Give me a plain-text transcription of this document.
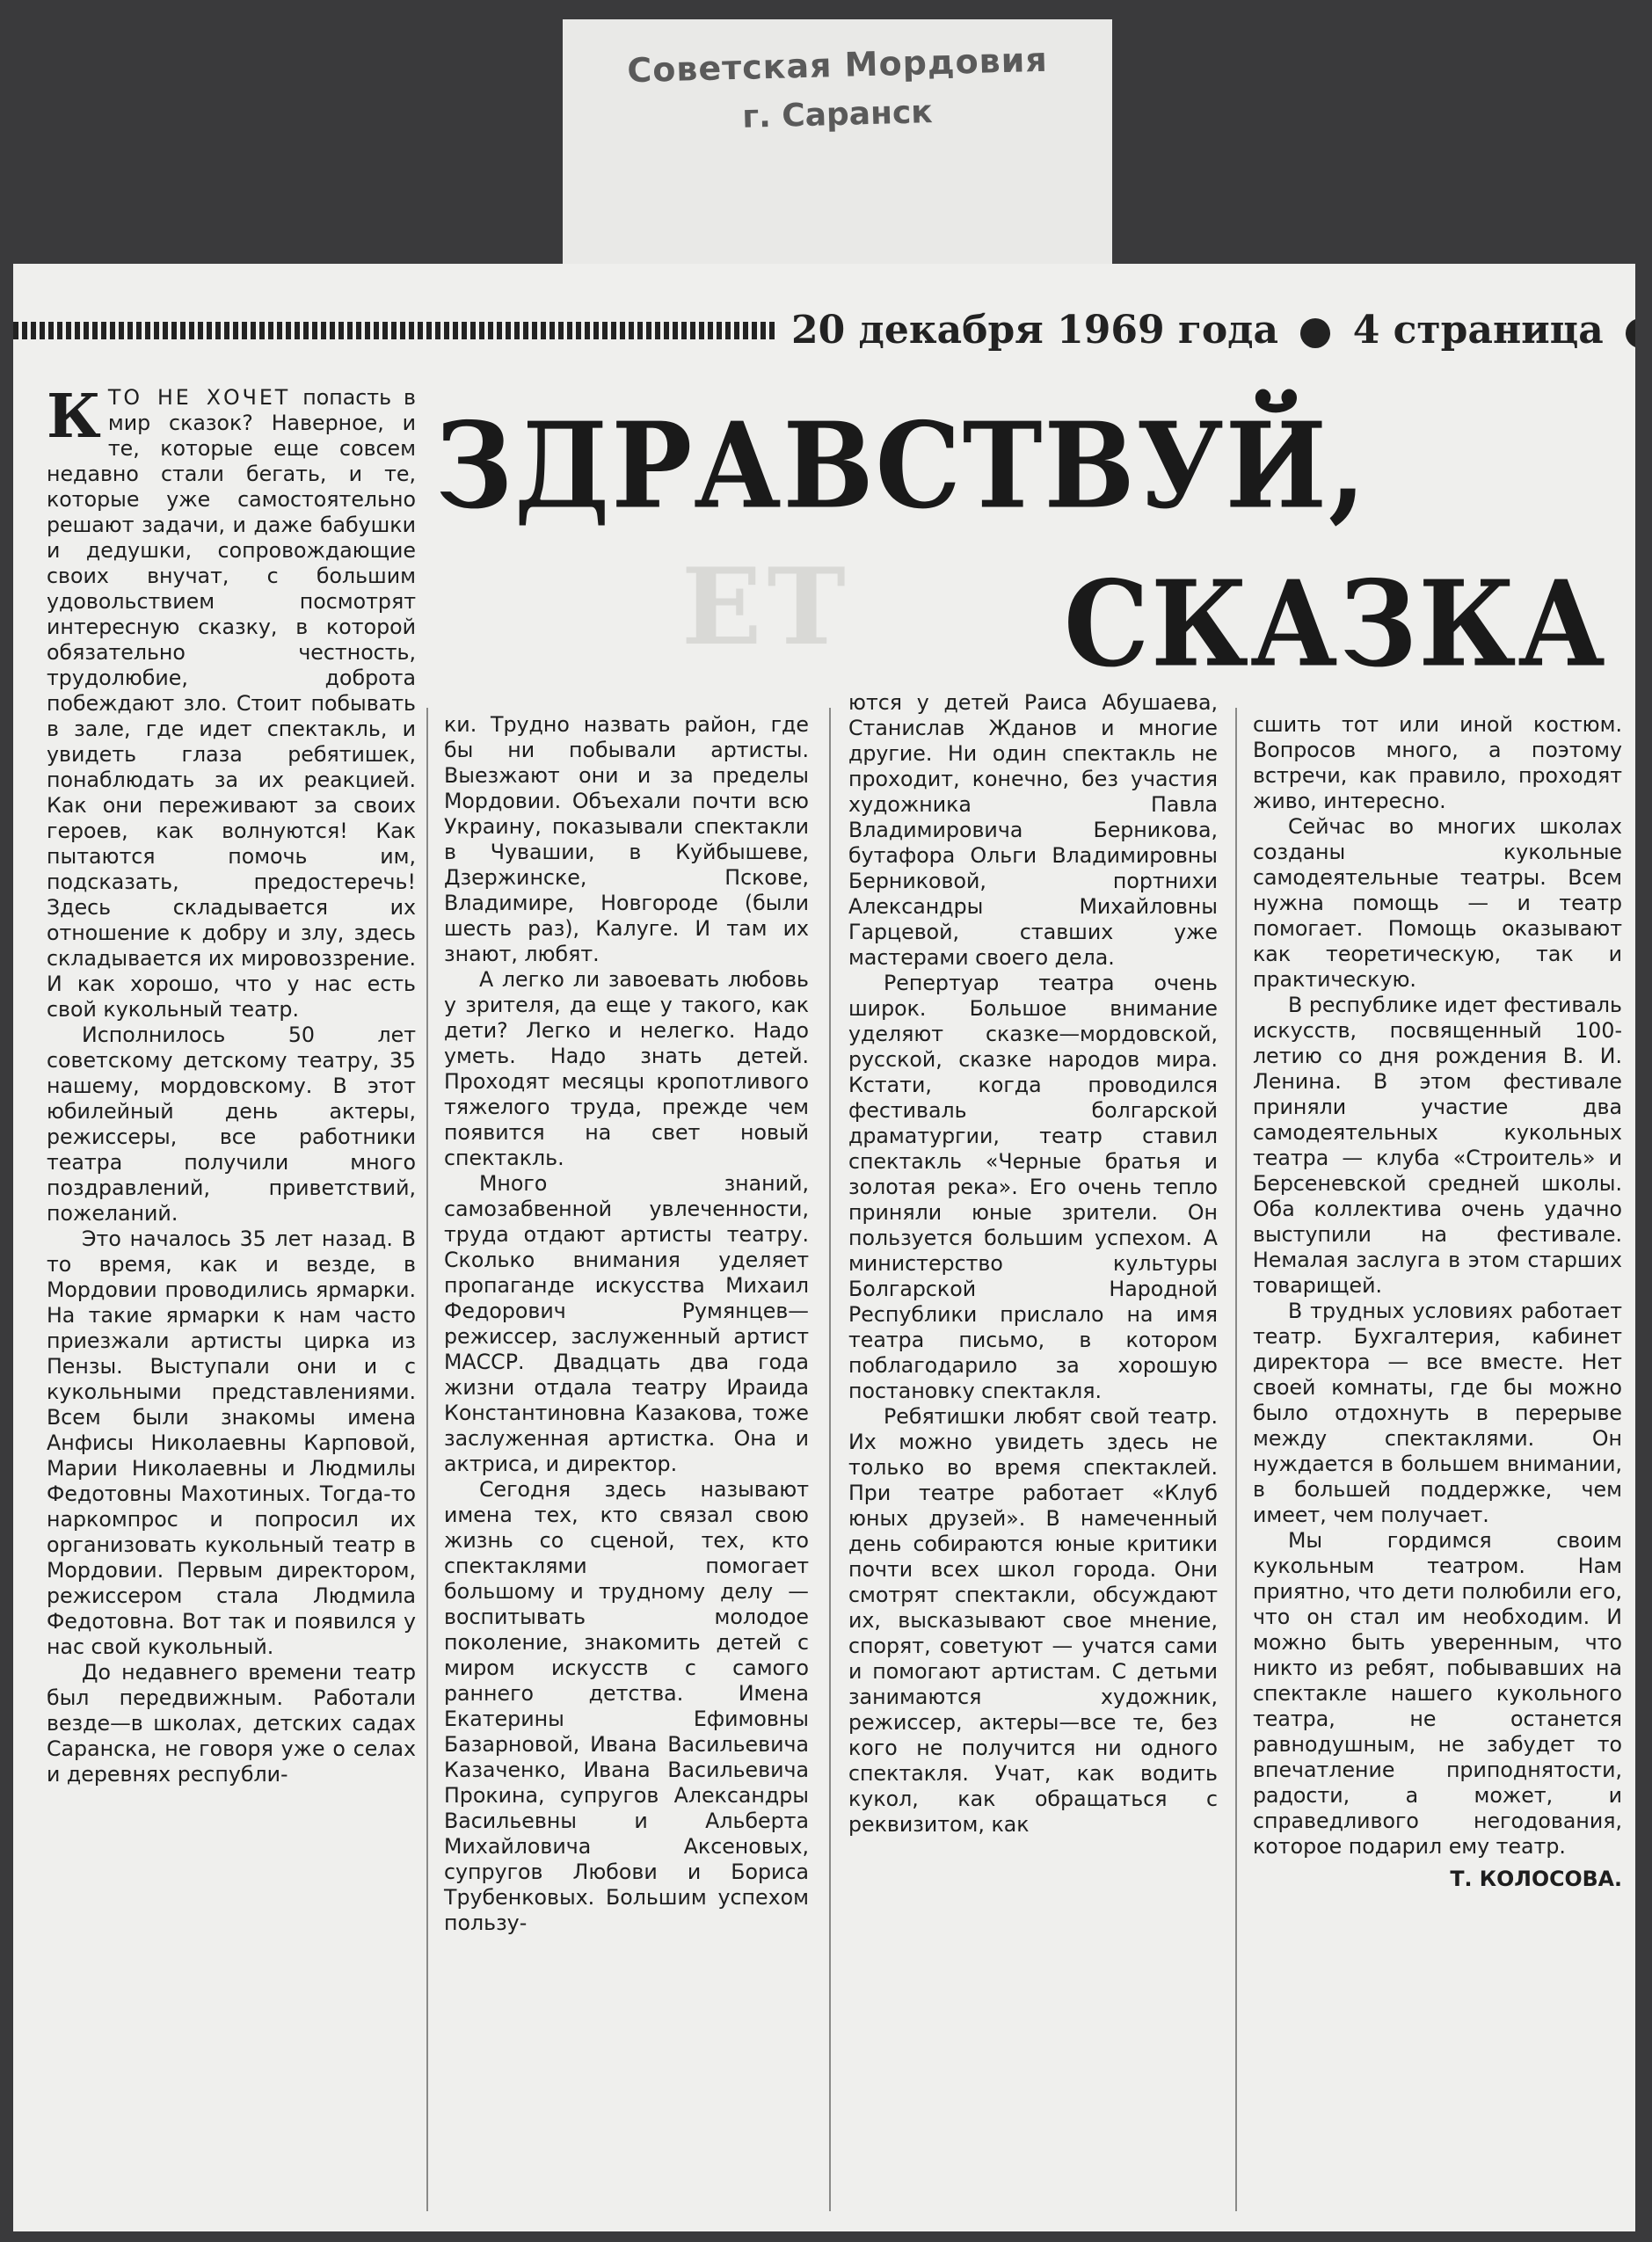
Советская Мордовия
г. Саранск
20 декабря 1969 года 4 страница
ЕТ
ЗДРАВСТВУЙ,
СКАЗКА

КТО НЕ ХОЧЕТ попасть в мир сказок? Наверное, и те, которые еще совсем недавно стали бегать, и те, которые уже самостоятельно решают задачи, и даже бабушки и дедушки, сопровождающие своих внучат, с большим удовольствием посмотрят интересную сказку, в которой обязательно честность, трудолюбие, доброта побеждают зло. Стоит побывать в зале, где идет спектакль, и увидеть глаза ребятишек, понаблюдать за их реакцией. Как они переживают за своих героев, как волнуются! Как пытаются помочь им, подсказать, предостеречь! Здесь складывается их отношение к добру и злу, здесь складывается их мировоззрение. И как хорошо, что у нас есть свой кукольный театр.

Исполнилось 50 лет советскому детскому театру, 35 нашему, мордовскому. В этот юбилейный день актеры, режиссеры, все работники театра получили много поздравлений, приветствий, пожеланий.

Это началось 35 лет назад. В то время, как и везде, в Мордовии проводились ярмарки. На такие ярмарки к нам часто приезжали артисты цирка из Пензы. Выступали они и с кукольными представлениями. Всем были знакомы имена Анфисы Николаевны Карповой, Марии Николаевны и Людмилы Федотовны Махотиных. Тогда-то наркомпрос и попросил их организовать кукольный театр в Мордовии. Первым директором, режиссером стала Людмила Федотовна. Вот так и появился у нас свой кукольный.

До недавнего времени театр был передвижным. Работали везде—в школах, детских садах Саранска, не говоря уже о селах и деревнях республи-

ки. Трудно назвать район, где бы ни побывали артисты. Выезжают они и за пределы Мордовии. Объехали почти всю Украину, показывали спектакли в Чувашии, в Куйбышеве, Дзержинске, Пскове, Владимире, Новгороде (были шесть раз), Калуге. И там их знают, любят.

А легко ли завоевать любовь у зрителя, да еще у такого, как дети? Легко и нелегко. Надо уметь. Надо знать детей. Проходят месяцы кропотливого тяжелого труда, прежде чем появится на свет новый спектакль.

Много знаний, самозабвенной увлеченности, труда отдают артисты театру. Сколько внимания уделяет пропаганде искусства Михаил Федорович Румянцев—режиссер, заслуженный артист МАССР. Двадцать два года жизни отдала театру Ираида Константиновна Казакова, тоже заслуженная артистка. Она и актриса, и директор.

Сегодня здесь называют имена тех, кто связал свою жизнь со сценой, тех, кто спектаклями помогает большому и трудному делу — воспитывать молодое поколение, знакомить детей с миром искусств с самого раннего детства. Имена Екатерины Ефимовны Базарновой, Ивана Васильевича Казаченко, Ивана Васильевича Прокина, супругов Александры Васильевны и Альберта Михайловича Аксеновых, супругов Любови и Бориса Трубенковых. Большим успехом пользу-

ются у детей Раиса Абушаева, Станислав Жданов и многие другие. Ни один спектакль не проходит, конечно, без участия художника Павла Владимировича Берникова, бутафора Ольги Владимировны Берниковой, портнихи Александры Михайловны Гарцевой, ставших уже мастерами своего дела.

Репертуар театра очень широк. Большое внимание уделяют сказке—мордовской, русской, сказке народов мира. Кстати, когда проводился фестиваль болгарской драматургии, театр ставил спектакль «Черные братья и золотая река». Его очень тепло приняли юные зрители. Он пользуется большим успехом. А министерство культуры Болгарской Народной Республики прислало на имя театра письмо, в котором поблагодарило за хорошую постановку спектакля.

Ребятишки любят свой театр. Их можно увидеть здесь не только во время спектаклей. При театре работает «Клуб юных друзей». В намеченный день собираются юные критики почти всех школ города. Они смотрят спектакли, обсуждают их, высказывают свое мнение, спорят, советуют — учатся сами и помогают артистам. С детьми занимаются художник, режиссер, актеры—все те, без кого не получится ни одного спектакля. Учат, как водить кукол, как обращаться с реквизитом, как

сшить тот или иной костюм. Вопросов много, а поэтому встречи, как правило, проходят живо, интересно.

Сейчас во многих школах созданы кукольные самодеятельные театры. Всем нужна помощь — и театр помогает. Помощь оказывают как теоретическую, так и практическую.

В республике идет фестиваль искусств, посвященный 100-летию со дня рождения В. И. Ленина. В этом фестивале приняли участие два самодеятельных кукольных театра — клуба «Строитель» и Берсеневской средней школы. Оба коллектива очень удачно выступили на фестивале. Немалая заслуга в этом старших товарищей.

В трудных условиях работает театр. Бухгалтерия, кабинет директора — все вместе. Нет своей комнаты, где бы можно было отдохнуть в перерыве между спектаклями. Он нуждается в большем внимании, в большей поддержке, чем имеет, чем получает.

Мы гордимся своим кукольным театром. Нам приятно, что дети полюбили его, что он стал им необходим. И можно быть уверенным, что никто из ребят, побывавших на спектакле нашего кукольного театра, не останется равнодушным, не забудет то впечатление приподнятости, радости, а может, и справедливого негодования, которое подарил ему театр.

Т. КОЛОСОВА.
